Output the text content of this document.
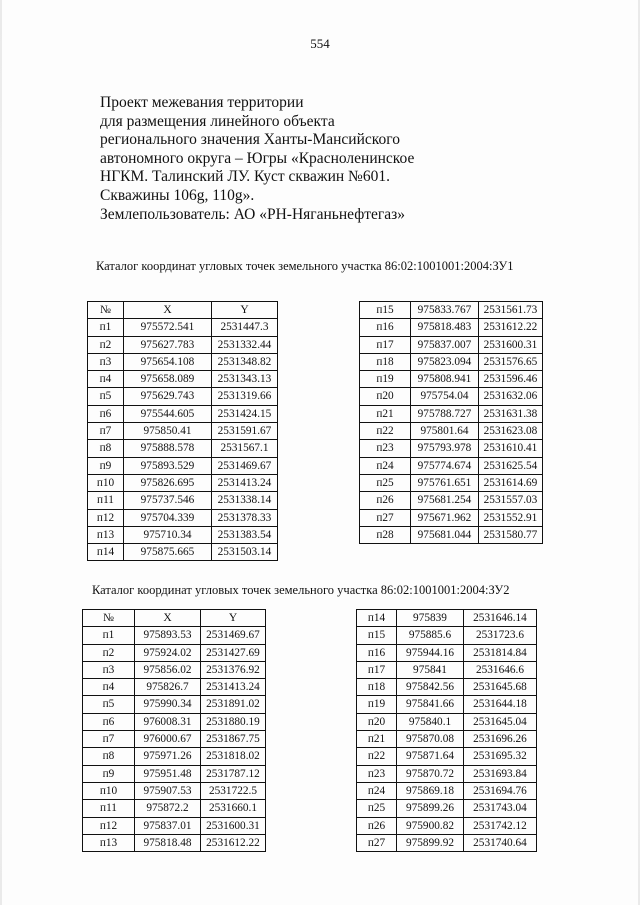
554
Проект межевания территории
для размещения линейного объекта
регионального значения Ханты-Мансийского
автономного округа – Югры «Красноленинское
НГКМ. Талинский ЛУ. Куст скважин №601.
Скважины 106g, 110g».
Землепользователь: АО «РН-Няганьнефтегаз»
Каталог координат угловых точек земельного участка 86:02:1001001:2004:ЗУ1
№	X	Y
п1	975572.541	2531447.3
п2	975627.783	2531332.44
п3	975654.108	2531348.82
п4	975658.089	2531343.13
п5	975629.743	2531319.66
п6	975544.605	2531424.15
п7	975850.41	2531591.67
п8	975888.578	2531567.1
п9	975893.529	2531469.67
п10	975826.695	2531413.24
п11	975737.546	2531338.14
п12	975704.339	2531378.33
п13	975710.34	2531383.54
п14	975875.665	2531503.14
п15	975833.767	2531561.73
п16	975818.483	2531612.22
п17	975837.007	2531600.31
п18	975823.094	2531576.65
п19	975808.941	2531596.46
п20	975754.04	2531632.06
п21	975788.727	2531631.38
п22	975801.64	2531623.08
п23	975793.978	2531610.41
п24	975774.674	2531625.54
п25	975761.651	2531614.69
п26	975681.254	2531557.03
п27	975671.962	2531552.91
п28	975681.044	2531580.77
Каталог координат угловых точек земельного участка 86:02:1001001:2004:ЗУ2
№	X	Y
п1	975893.53	2531469.67
п2	975924.02	2531427.69
п3	975856.02	2531376.92
п4	975826.7	2531413.24
п5	975990.34	2531891.02
п6	976008.31	2531880.19
п7	976000.67	2531867.75
п8	975971.26	2531818.02
п9	975951.48	2531787.12
п10	975907.53	2531722.5
п11	975872.2	2531660.1
п12	975837.01	2531600.31
п13	975818.48	2531612.22
п14	975839	2531646.14
п15	975885.6	2531723.6
п16	975944.16	2531814.84
п17	975841	2531646.6
п18	975842.56	2531645.68
п19	975841.66	2531644.18
п20	975840.1	2531645.04
п21	975870.08	2531696.26
п22	975871.64	2531695.32
п23	975870.72	2531693.84
п24	975869.18	2531694.76
п25	975899.26	2531743.04
п26	975900.82	2531742.12
п27	975899.92	2531740.64
